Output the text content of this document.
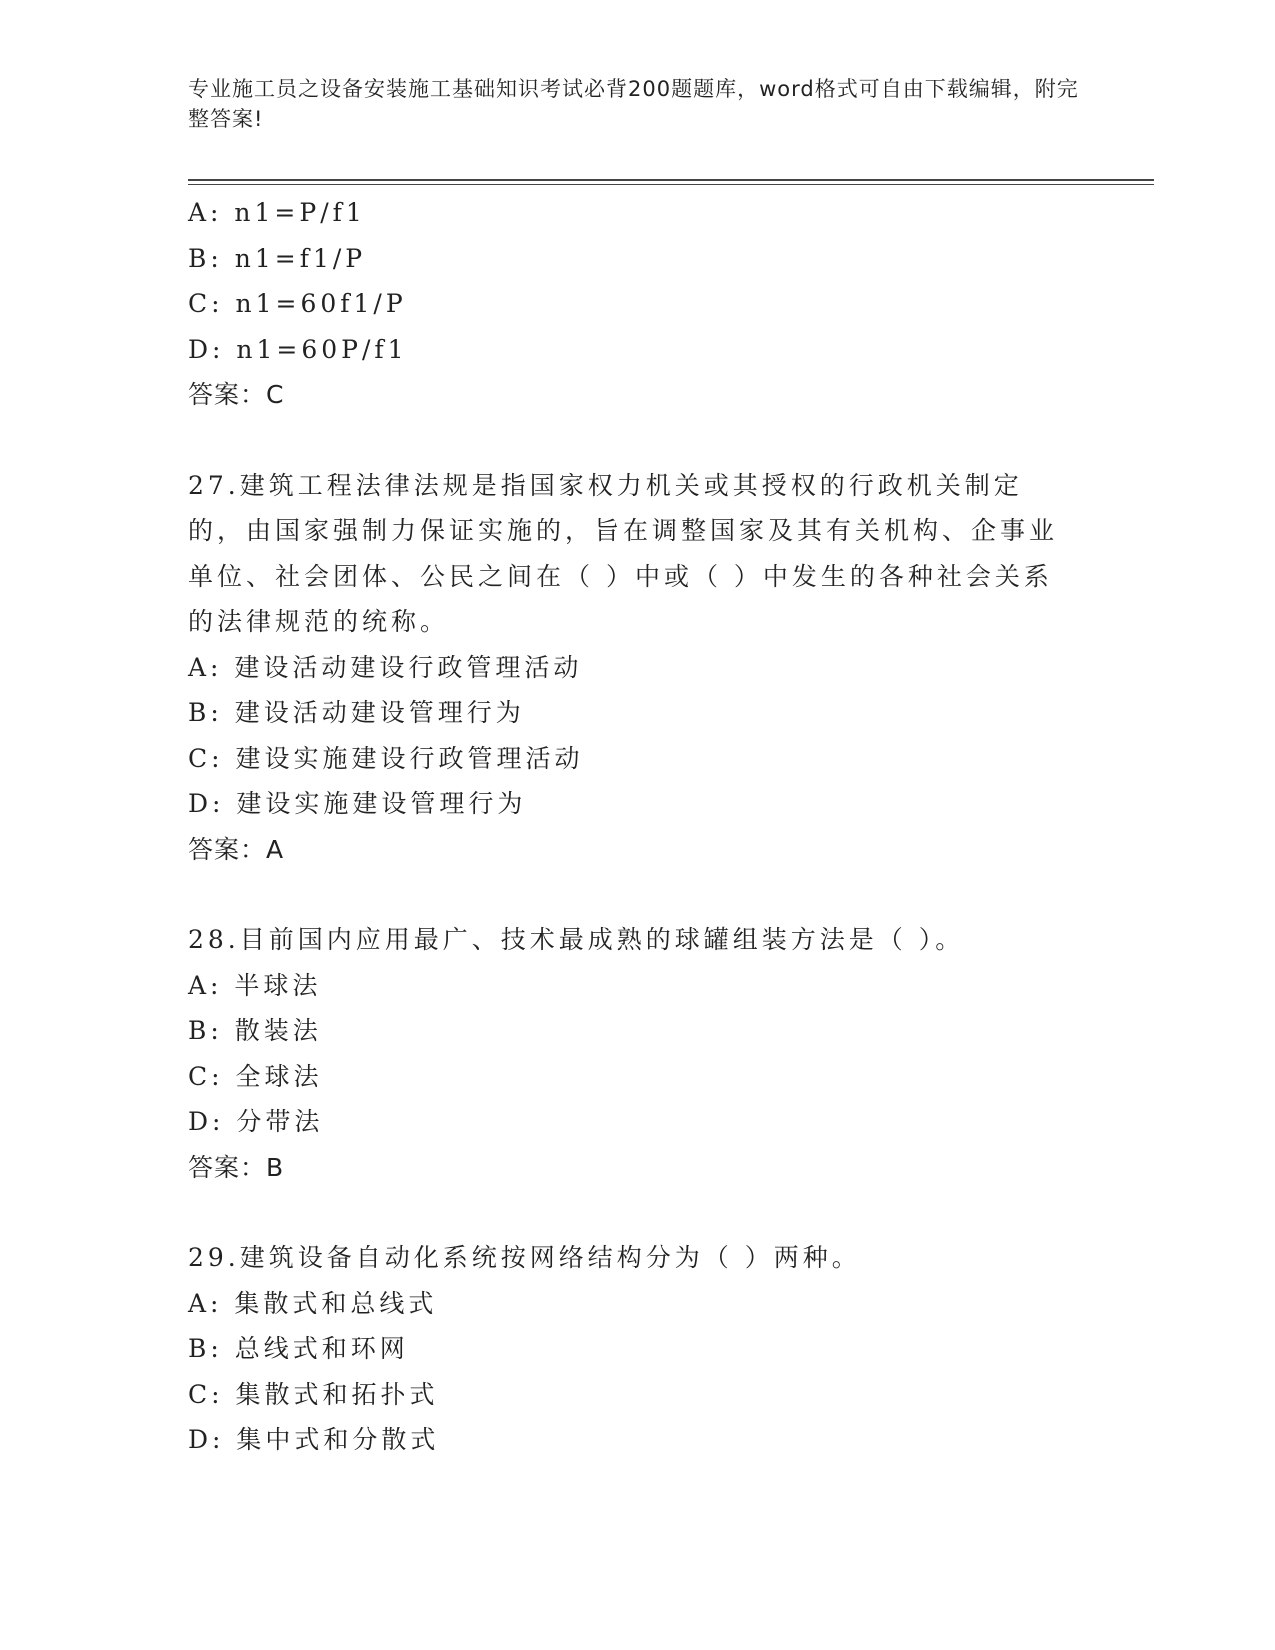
专业施工员之设备安装施工基础知识考试必背200题题库，word格式可自由下载编辑，附完整答案!
A: n1=P/f1
B: n1=f1/P
C: n1=60f1/P
D: n1=60P/f1
答案：C
27.建筑工程法律法规是指国家权力机关或其授权的行政机关制定的，由国家强制力保证实施的，旨在调整国家及其有关机构、企事业单位、社会团体、公民之间在（ ）中或（ ）中发生的各种社会关系的法律规范的统称。
A: 建设活动建设行政管理活动
B: 建设活动建设管理行为
C: 建设实施建设行政管理活动
D: 建设实施建设管理行为
答案：A
28.目前国内应用最广、技术最成熟的球罐组装方法是（ ）。
A: 半球法
B: 散装法
C: 全球法
D: 分带法
答案：B
29.建筑设备自动化系统按网络结构分为（ ）两种。
A: 集散式和总线式
B: 总线式和环网
C: 集散式和拓扑式
D: 集中式和分散式
